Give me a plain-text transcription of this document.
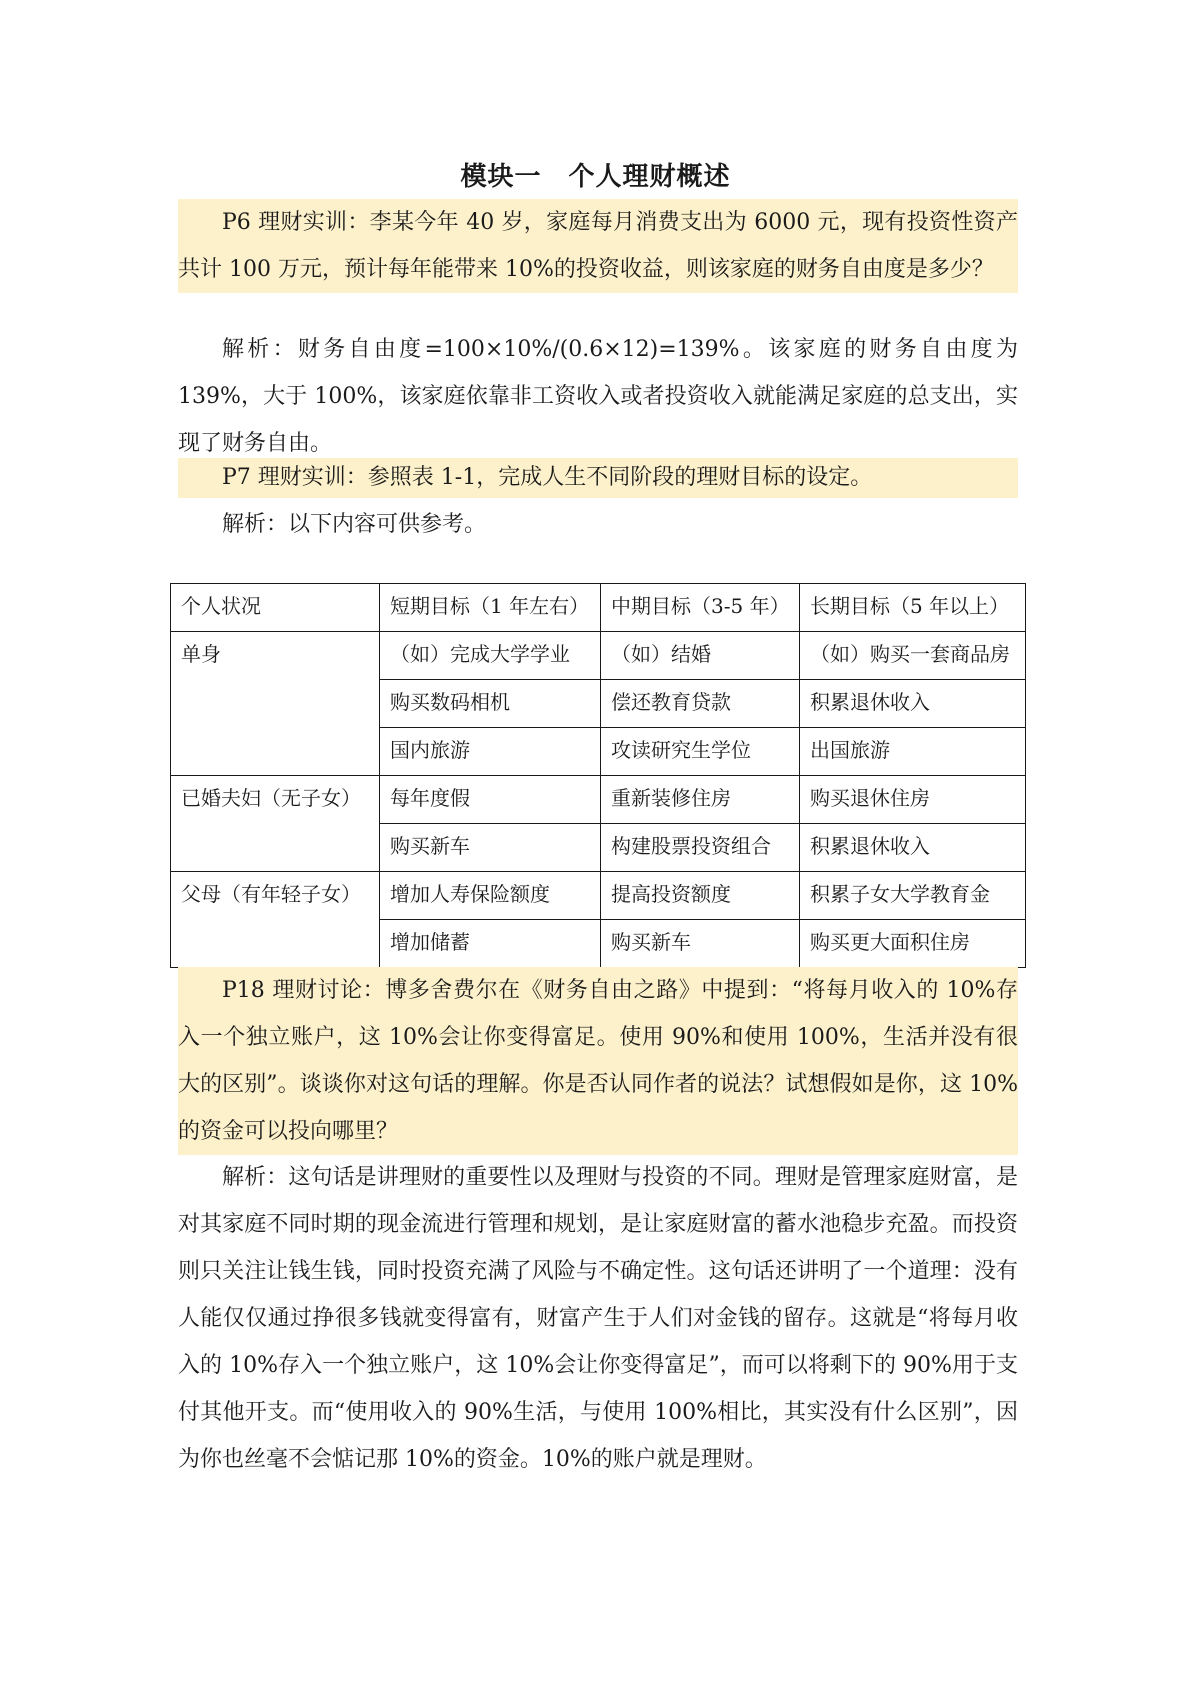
模块一　个人理财概述

P6 理财实训：李某今年 40 岁，家庭每月消费支出为 6000 元，现有投资性资产共计 100 万元，预计每年能带来 10%的投资收益，则该家庭的财务自由度是多少？

解析：财务自由度=100×10%/(0.6×12)=139%。该家庭的财务自由度为 139%，大于 100%，该家庭依靠非工资收入或者投资收入就能满足家庭的总支出，实现了财务自由。

P7 理财实训：参照表 1-1，完成人生不同阶段的理财目标的设定。

解析：以下内容可供参考。

个人状况	短期目标（1 年左右）	中期目标（3-5 年）	长期目标（5 年以上）
单身	（如）完成大学学业	（如）结婚	（如）购买一套商品房
	购买数码相机	偿还教育贷款	积累退休收入
	国内旅游	攻读研究生学位	出国旅游
已婚夫妇（无子女）	每年度假	重新装修住房	购买退休住房
	购买新车	构建股票投资组合	积累退休收入
父母（有年轻子女）	增加人寿保险额度	提高投资额度	积累子女大学教育金
	增加储蓄	购买新车	购买更大面积住房

P18 理财讨论：博多舍费尔在《财务自由之路》中提到：“将每月收入的 10%存入一个独立账户，这 10%会让你变得富足。使用 90%和使用 100%，生活并没有很大的区别”。谈谈你对这句话的理解。你是否认同作者的说法？试想假如是你，这 10%的资金可以投向哪里？

解析：这句话是讲理财的重要性以及理财与投资的不同。理财是管理家庭财富，是对其家庭不同时期的现金流进行管理和规划，是让家庭财富的蓄水池稳步充盈。而投资则只关注让钱生钱，同时投资充满了风险与不确定性。这句话还讲明了一个道理：没有人能仅仅通过挣很多钱就变得富有，财富产生于人们对金钱的留存。这就是“将每月收入的 10%存入一个独立账户，这 10%会让你变得富足”，而可以将剩下的 90%用于支付其他开支。而“使用收入的 90%生活，与使用 100%相比，其实没有什么区别”，因为你也丝毫不会惦记那 10%的资金。10%的账户就是理财。
